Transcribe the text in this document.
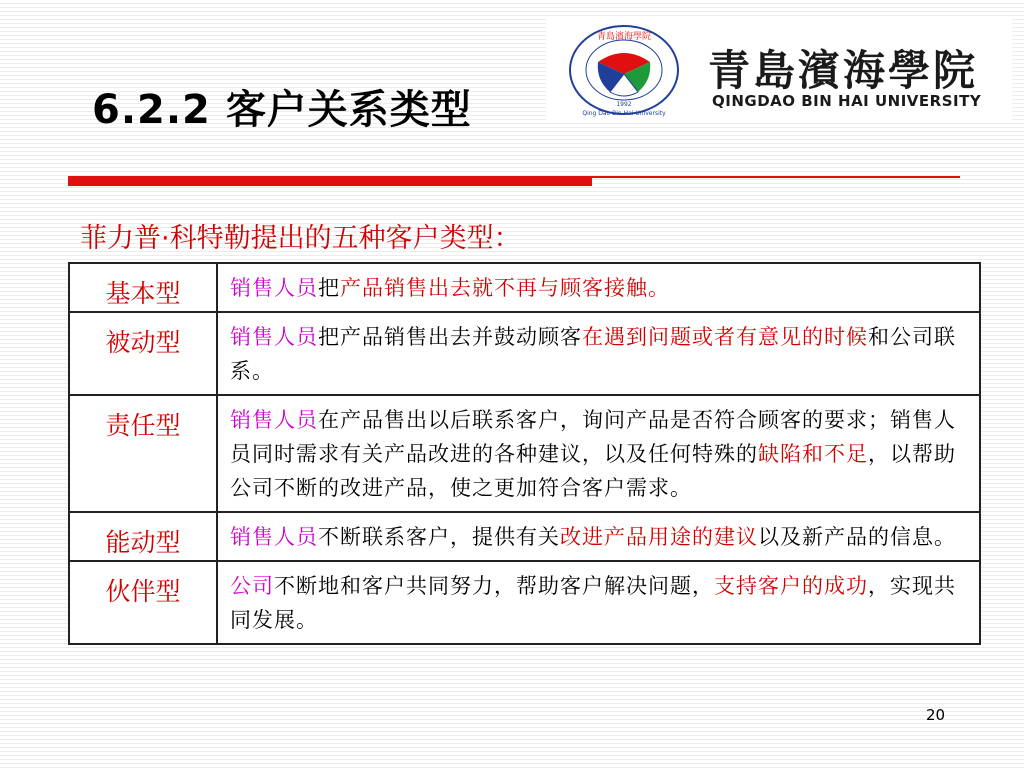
6.2.2 客户关系类型
青島濱海學院
1992
Qing Dao Bin Hai University
青島濱海學院
QINGDAO BIN HAI UNIVERSITY
菲力普·科特勒提出的五种客户类型：
基本型	销售人员把产品销售出去就不再与顾客接触。
被动型	销售人员把产品销售出去并鼓动顾客在遇到问题或者有意见的时候和公司联系。
责任型	销售人员在产品售出以后联系客户，询问产品是否符合顾客的要求；销售人员同时需求有关产品改进的各种建议，以及任何特殊的缺陷和不足，以帮助公司不断的改进产品，使之更加符合客户需求。
能动型	销售人员不断联系客户，提供有关改进产品用途的建议以及新产品的信息。
伙伴型	公司不断地和客户共同努力，帮助客户解决问题，支持客户的成功，实现共同发展。
20
